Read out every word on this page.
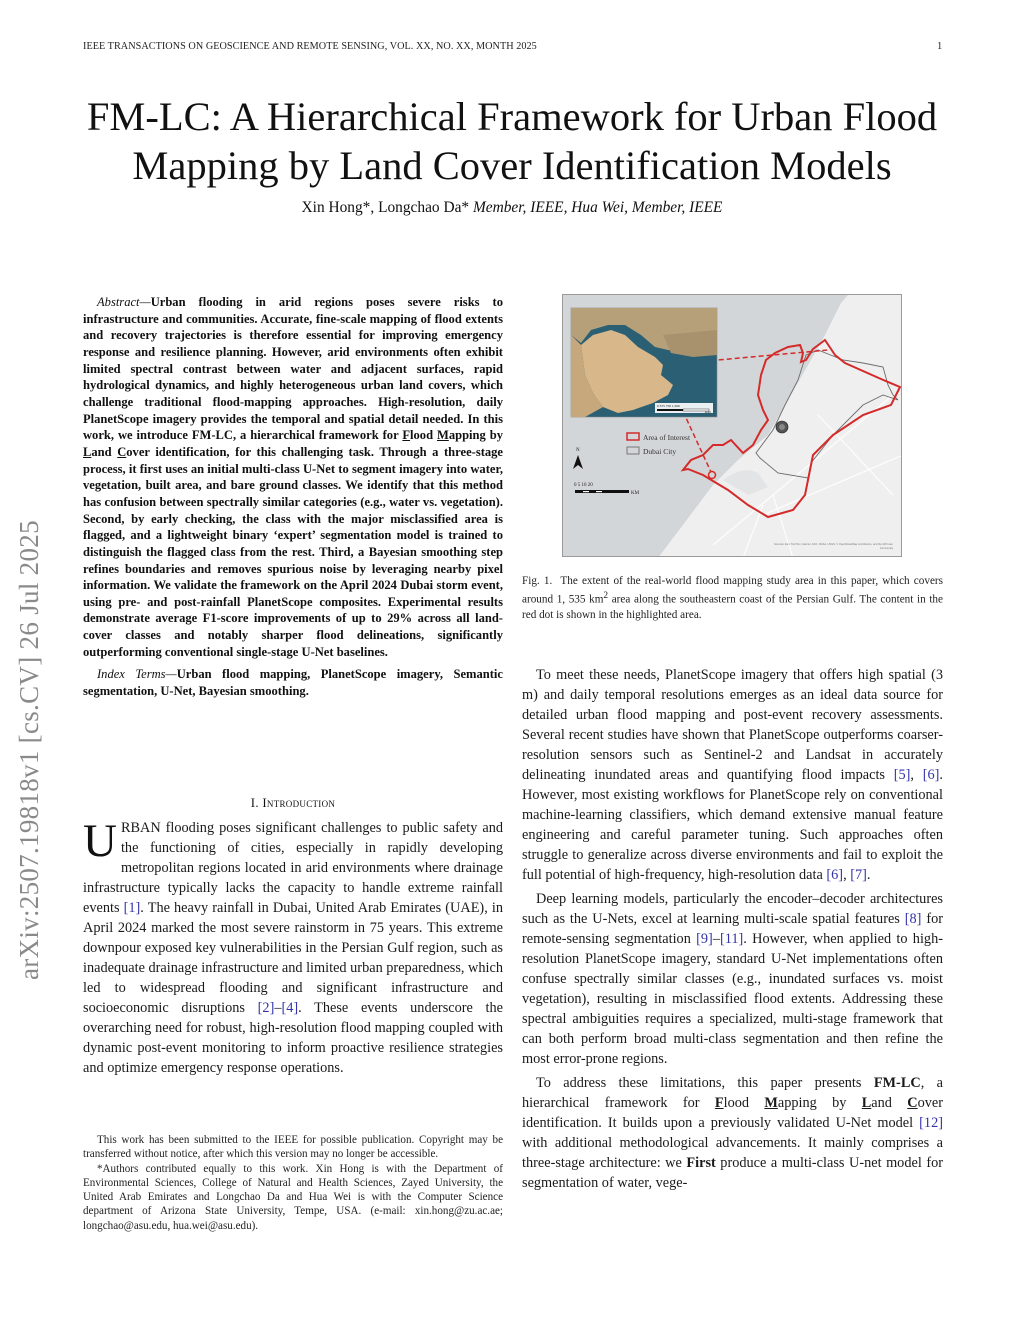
IEEE TRANSACTIONS ON GEOSCIENCE AND REMOTE SENSING, VOL. XX, NO. XX, MONTH 2025	1
arXiv:2507.19818v1 [cs.CV] 26 Jul 2025
FM-LC: A Hierarchical Framework for Urban Flood
Mapping by Land Cover Identification Models
Xin Hong*, Longchao Da* Member, IEEE, Hua Wei, Member, IEEE

Abstract—Urban flooding in arid regions poses severe risks to infrastructure and communities. Accurate, fine-scale mapping of flood extents and recovery trajectories is therefore essential for improving emergency response and resilience planning. However, arid environments often exhibit limited spectral contrast between water and adjacent surfaces, rapid hydrological dynamics, and highly heterogeneous urban land covers, which challenge traditional flood-mapping approaches. High-resolution, daily PlanetScope imagery provides the temporal and spatial detail needed. In this work, we introduce FM-LC, a hierarchical framework for Flood Mapping by Land Cover identification, for this challenging task. Through a three-stage process, it first uses an initial multi-class U-Net to segment imagery into water, vegetation, built area, and bare ground classes. We identify that this method has confusion between spectrally similar categories (e.g., water vs. vegetation). Second, by early checking, the class with the major misclassified area is flagged, and a lightweight binary ‘expert’ segmentation model is trained to distinguish the flagged class from the rest. Third, a Bayesian smoothing step refines boundaries and removes spurious noise by leveraging nearby pixel information. We validate the framework on the April 2024 Dubai storm event, using pre- and post-rainfall PlanetScope composites. Experimental results demonstrate average F1-score improvements of up to 29% across all land-cover classes and notably sharper flood delineations, significantly outperforming conventional single-stage U-Net baselines.

Index Terms—Urban flood mapping, PlanetScope imagery, Semantic segmentation, U-Net, Bayesian smoothing.

I. Introduction

URBAN flooding poses significant challenges to public safety and the functioning of cities, especially in rapidly developing metropolitan regions located in arid environments where drainage infrastructure typically lacks the capacity to handle extreme rainfall events [1]. The heavy rainfall in Dubai, United Arab Emirates (UAE), in April 2024 marked the most severe rainstorm in 75 years. This extreme downpour exposed key vulnerabilities in the Persian Gulf region, such as inadequate drainage infrastructure and limited urban preparedness, which led to widespread flooding and significant infrastructure and socioeconomic disruptions [2]–[4]. These events underscore the overarching need for robust, high-resolution flood mapping coupled with dynamic post-event monitoring to inform proactive resilience strategies and optimize emergency response operations.

This work has been submitted to the IEEE for possible publication. Copyright may be transferred without notice, after which this version may no longer be accessible.

*Authors contributed equally to this work. Xin Hong is with the Department of Environmental Sciences, College of Natural and Health Sciences, Zayed University, the United Arab Emirates and Longchao Da and Hua Wei is with the Computer Science department of Arizona State University, Tempe, USA. (e-mail: xin.hong@zu.ac.ae; longchao@asu.edu, hua.wei@asu.edu).

0 375 750 1,500
KM
Area of Interest
Dubai City
N
0 5 10 20
KM
Sources: Esri, TomTom, Garmin, FAO, NOAA, USGS, © OpenStreetMap contributors, and the GIS User
Community

Fig. 1. The extent of the real-world flood mapping study area in this paper, which covers around 1, 535 $km^2$ area along the southeastern coast of the Persian Gulf. The content in the red dot is shown in the highlighted area.

To meet these needs, PlanetScope imagery that offers high spatial (3 m) and daily temporal resolutions emerges as an ideal data source for detailed urban flood mapping and post-event recovery assessments. Several recent studies have shown that PlanetScope outperforms coarser-resolution sensors such as Sentinel-2 and Landsat in accurately delineating inundated areas and quantifying flood impacts [5], [6]. However, most existing workflows for PlanetScope rely on conventional machine-learning classifiers, which demand extensive manual feature engineering and careful parameter tuning. Such approaches often struggle to generalize across diverse environments and fail to exploit the full potential of high-frequency, high-resolution data [6], [7].

Deep learning models, particularly the encoder–decoder architectures such as the U-Nets, excel at learning multi-scale spatial features [8] for remote-sensing segmentation [9]–[11]. However, when applied to high-resolution PlanetScope imagery, standard U-Net implementations often confuse spectrally similar classes (e.g., inundated surfaces vs. moist vegetation), resulting in misclassified flood extents. Addressing these spectral ambiguities requires a specialized, multi-stage framework that can both perform broad multi-class segmentation and then refine the most error-prone regions.

To address these limitations, this paper presents FM-LC, a hierarchical framework for Flood Mapping by Land Cover identification. It builds upon a previously validated U-Net model [12] with additional methodological advancements. It mainly comprises a three-stage architecture: we First produce a multi-class U-net model for segmentation of water, vege-
